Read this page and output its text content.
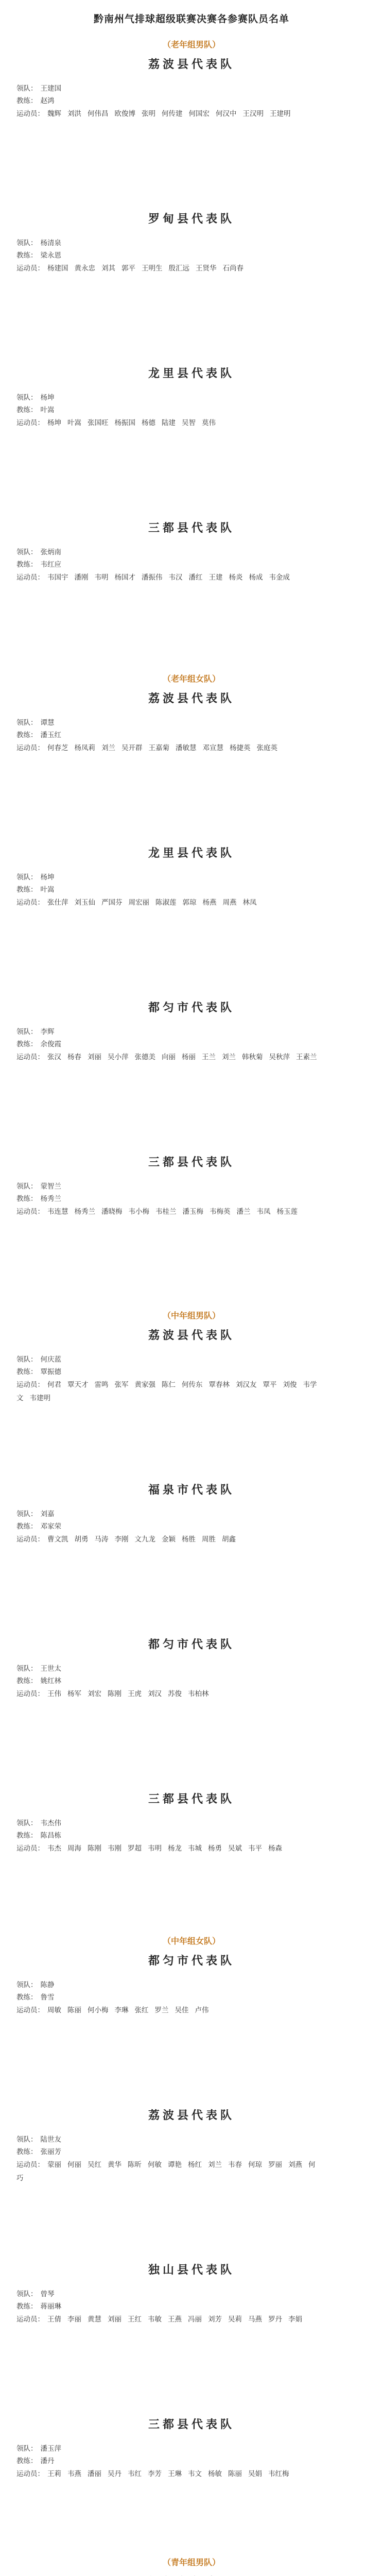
黔南州气排球超级联赛决赛各参赛队员名单
（老年组男队）
荔波县代表队
领队： 王建国
教练： 赵鸿
运动员： 魏辉 刘洪 何伟昌 欧俊博 张明 何传建 何国宏 何汉中 王汉明 王建明
罗甸县代表队
领队： 杨清泉
教练： 梁永恩
运动员： 杨建国 黄永忠 刘其 郭平 王明生 殷汇远 王贤华 石尚春
龙里县代表队
领队： 杨坤
教练： 叶嵩
运动员： 杨坤 叶嵩 张国旺 杨振国 杨德 陆建 吴智 莫伟
三都县代表队
领队： 张炳南
教练： 韦红应
运动员： 韦国宇 潘刚 韦明 杨国才 潘振伟 韦汉 潘红 王建 杨炎 杨成 韦金成
（老年组女队）
荔波县代表队
领队： 谭慧
教练： 潘玉红
运动员： 何春芝 杨凤莉 刘兰 吴开群 王嘉菊 潘敏慧 邓宣慧 杨捷英 张庭英
龙里县代表队
领队： 杨坤
教练： 叶嵩
运动员： 张仕萍 刘玉仙 严国芬 周宏丽 陈淑莲 郭琼 杨燕 周燕 林凤
都匀市代表队
领队： 李辉
教练： 余俊霞
运动员： 张汉 杨春 刘丽 吴小萍 张德美 向丽 杨丽 王兰 刘兰 韩秋菊 吴秋萍 王素兰
三都县代表队
领队： 蒙智兰
教练： 杨秀兰
运动员： 韦连慧 杨秀兰 潘晓梅 韦小梅 韦桂兰 潘玉梅 韦梅英 潘兰 韦凤 杨玉莲
（中年组男队）
荔波县代表队
领队： 何庆蓝
教练： 覃振德
运动员： 何君 覃天才 雷鸣 张军 黄家强 陈仁 何传东 覃春林 刘汉友 覃平 刘俊 韦学文 韦建明
福泉市代表队
领队： 刘嘉
教练： 邓家荣
运动员： 曹文凯 胡勇 马涛 李刚 文九龙 金颖 杨胜 周胜 胡鑫
都匀市代表队
领队： 王世太
教练： 姚红林
运动员： 王伟 杨军 刘宏 陈刚 王虎 刘汉 苏俊 韦柏林
三都县代表队
领队： 韦杰伟
教练： 陈昌栋
运动员： 韦杰 周海 陈刚 韦刚 罗超 韦明 杨龙 韦城 杨勇 吴斌 韦平 杨森
（中年组女队）
都匀市代表队
领队： 陈静
教练： 鲁雪
运动员： 周敏 陈丽 何小梅 李琳 张红 罗兰 吴佳 卢伟
荔波县代表队
领队： 陆世友
教练： 张丽芳
运动员： 蒙丽 何丽 吴红 黄华 陈昕 何敏 谭艳 杨红 刘兰 韦春 何琼 罗丽 刘燕 何巧
独山县代表队
领队： 曾琴
教练： 蒋丽琳
运动员： 王倩 李丽 黄慧 刘丽 王红 韦敏 王燕 冯丽 刘芳 吴莉 马燕 罗丹 李娟
三都县代表队
领队： 潘玉萍
教练： 潘丹
运动员： 王莉 韦燕 潘丽 吴丹 韦红 李芳 王琳 韦文 杨敏 陈丽 吴娟 韦红梅
（青年组男队）
